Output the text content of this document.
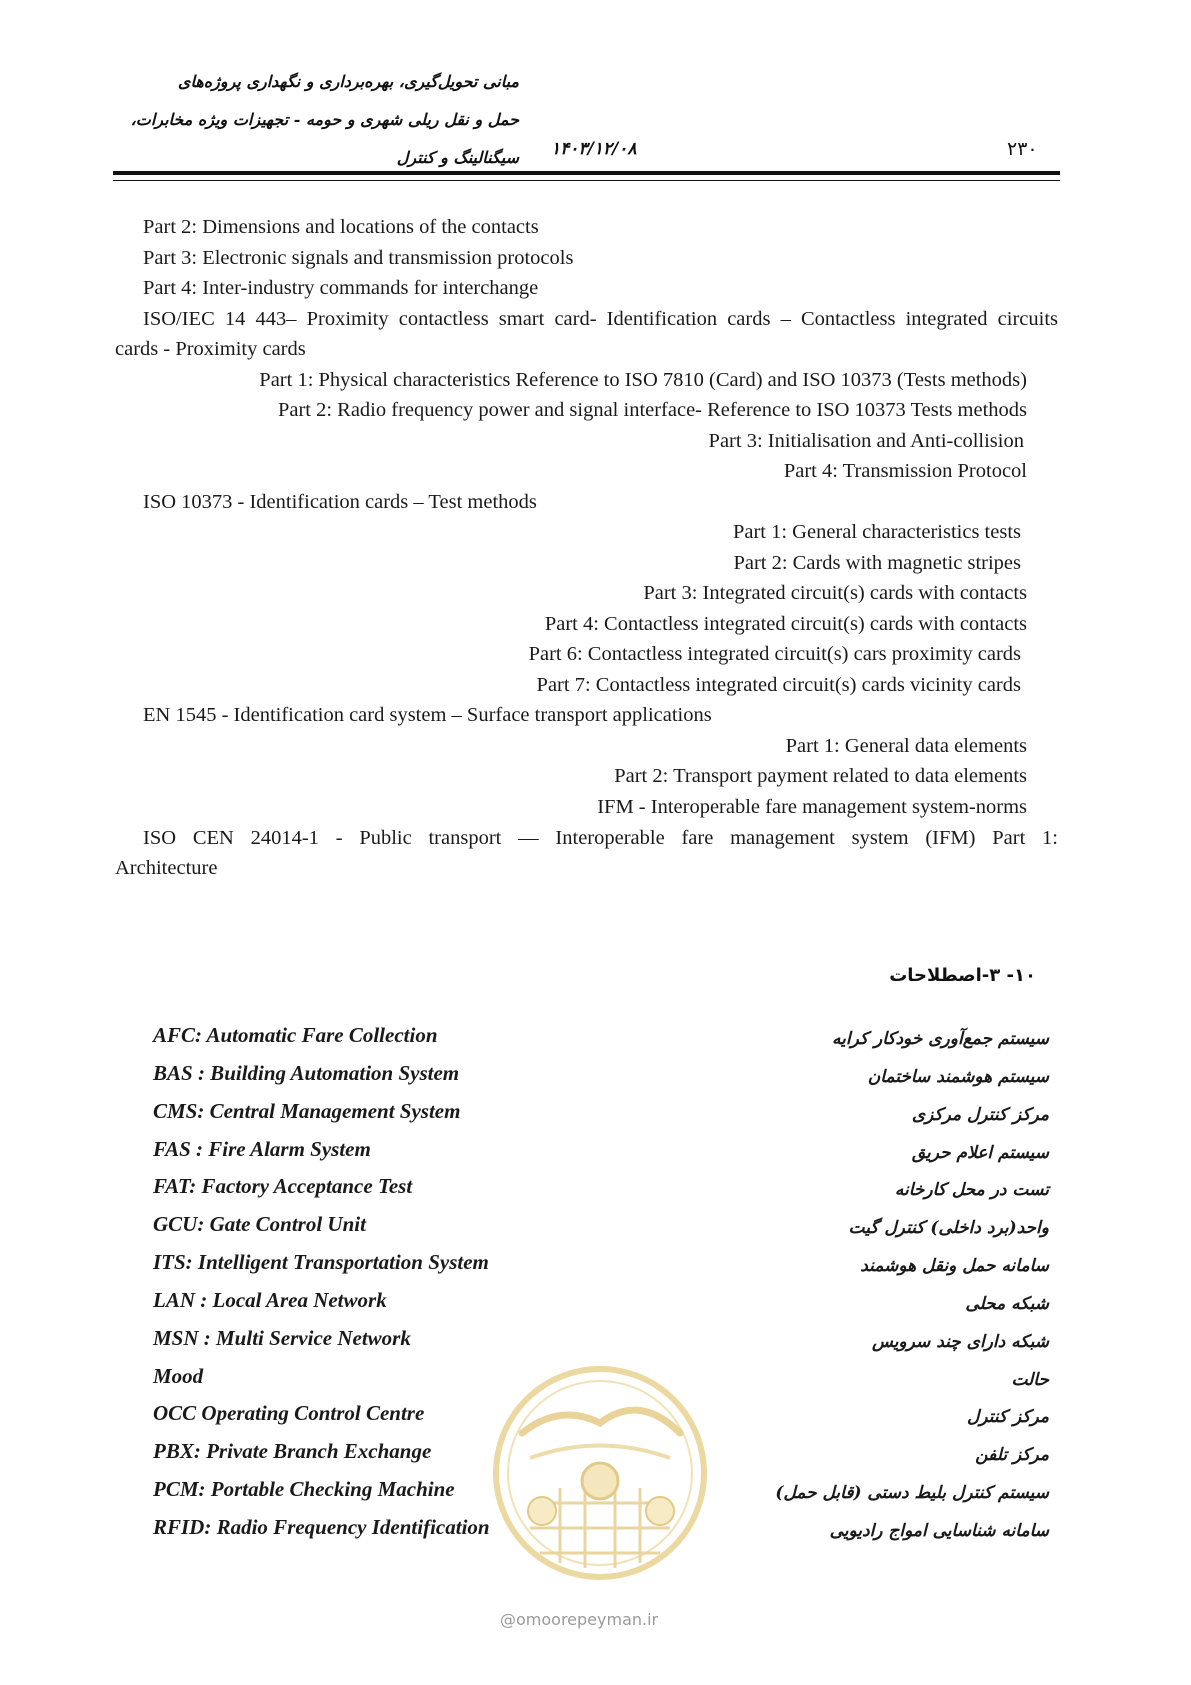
مبانی تحویل‌گیری، بهره‌برداری و نگهداری پروژه‌های
حمل و نقل ریلی شهری و حومه - تجهیزات ویژه مخابرات،
سیگنالینگ و کنترل ۱۴۰۳/۱۲/۰۸	۲۳۰
Part 2: Dimensions and locations of the contacts
Part 3: Electronic signals and transmission protocols
Part 4: Inter-industry commands for interchange
ISO/IEC 14 443– Proximity contactless smart card- Identification cards – Contactless integrated circuits
cards - Proximity cards
Part 1: Physical characteristics Reference to ISO 7810 (Card) and ISO 10373 (Tests methods)
Part 2: Radio frequency power and signal interface- Reference to ISO 10373 Tests methods
Part 3: Initialisation and Anti-collision
Part 4: Transmission Protocol
ISO 10373 - Identification cards – Test methods
Part 1: General characteristics tests
Part 2: Cards with magnetic stripes
Part 3: Integrated circuit(s) cards with contacts
Part 4: Contactless integrated circuit(s) cards with contacts
Part 6: Contactless integrated circuit(s) cars proximity cards
Part 7: Contactless integrated circuit(s) cards vicinity cards
EN 1545 - Identification card system – Surface transport applications
Part 1: General data elements
Part 2: Transport payment related to data elements
IFM - Interoperable fare management system-norms
ISO CEN 24014-1 - Public transport — Interoperable fare management system (IFM) Part 1:
Architecture
۱۰- ۳-اصطلاحات
AFC: Automatic Fare Collection	سیستم جمع‌آوری خودکار کرایه
BAS : Building Automation System	سیستم هوشمند ساختمان
CMS: Central Management System	مرکز کنترل مرکزی
FAS : Fire Alarm System	سیستم اعلام حریق
FAT: Factory Acceptance Test	تست در محل کارخانه
GCU: Gate Control Unit	واحد(برد داخلی) کنترل گیت
ITS: Intelligent Transportation System	سامانه حمل ونقل هوشمند
LAN : Local Area Network	شبکه محلی
MSN : Multi Service Network	شبکه دارای چند سرویس
Mood	حالت
OCC Operating Control Centre	مرکز کنترل
PBX: Private Branch Exchange	مرکز تلفن
PCM: Portable Checking Machine	سیستم کنترل بلیط دستی (قابل حمل)
RFID: Radio Frequency Identification	سامانه شناسایی امواج رادیویی
@omoorepeyman.ir
